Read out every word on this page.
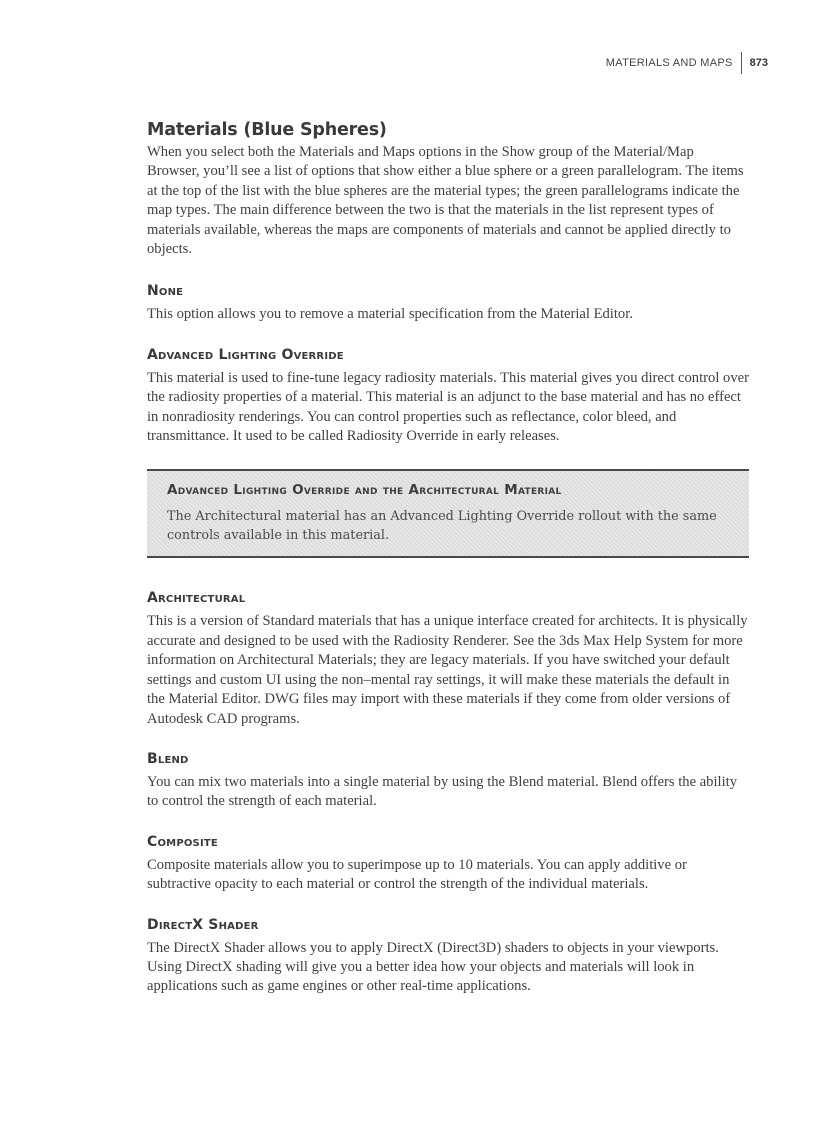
MATERIALS AND MAPS	873
Materials (Blue Spheres)

When you select both the Materials and Maps options in the Show group of the Material/Map Browser, you’ll see a list of options that show either a blue sphere or a green parallelogram. The items at the top of the list with the blue spheres are the material types; the green parallelograms indicate the map types. The main difference between the two is that the materials in the list represent types of materials available, whereas the maps are components of materials and cannot be applied directly to objects.

None

This option allows you to remove a material specification from the Material Editor.

Advanced Lighting Override

This material is used to fine-tune legacy radiosity materials. This material gives you direct control over the radiosity properties of a material. This material is an adjunct to the base material and has no effect in nonradiosity renderings. You can control properties such as reflectance, color bleed, and transmittance. It used to be called Radiosity Override in early releases.

Advanced Lighting Override and the Architectural Material

The Architectural material has an Advanced Lighting Override rollout with the same controls available in this material.

Architectural

This is a version of Standard materials that has a unique interface created for architects. It is physically accurate and designed to be used with the Radiosity Renderer. See the 3ds Max Help System for more information on Architectural Materials; they are legacy materials. If you have switched your default settings and custom UI using the non–mental ray settings, it will make these materials the default in the Material Editor. DWG files may import with these materials if they come from older versions of Autodesk CAD programs.

Blend

You can mix two materials into a single material by using the Blend material. Blend offers the ability to control the strength of each material.

Composite

Composite materials allow you to superimpose up to 10 materials. You can apply additive or subtractive opacity to each material or control the strength of the individual materials.

DirectX Shader

The DirectX Shader allows you to apply DirectX (Direct3D) shaders to objects in your viewports. Using DirectX shading will give you a better idea how your objects and materials will look in applications such as game engines or other real-time applications.
